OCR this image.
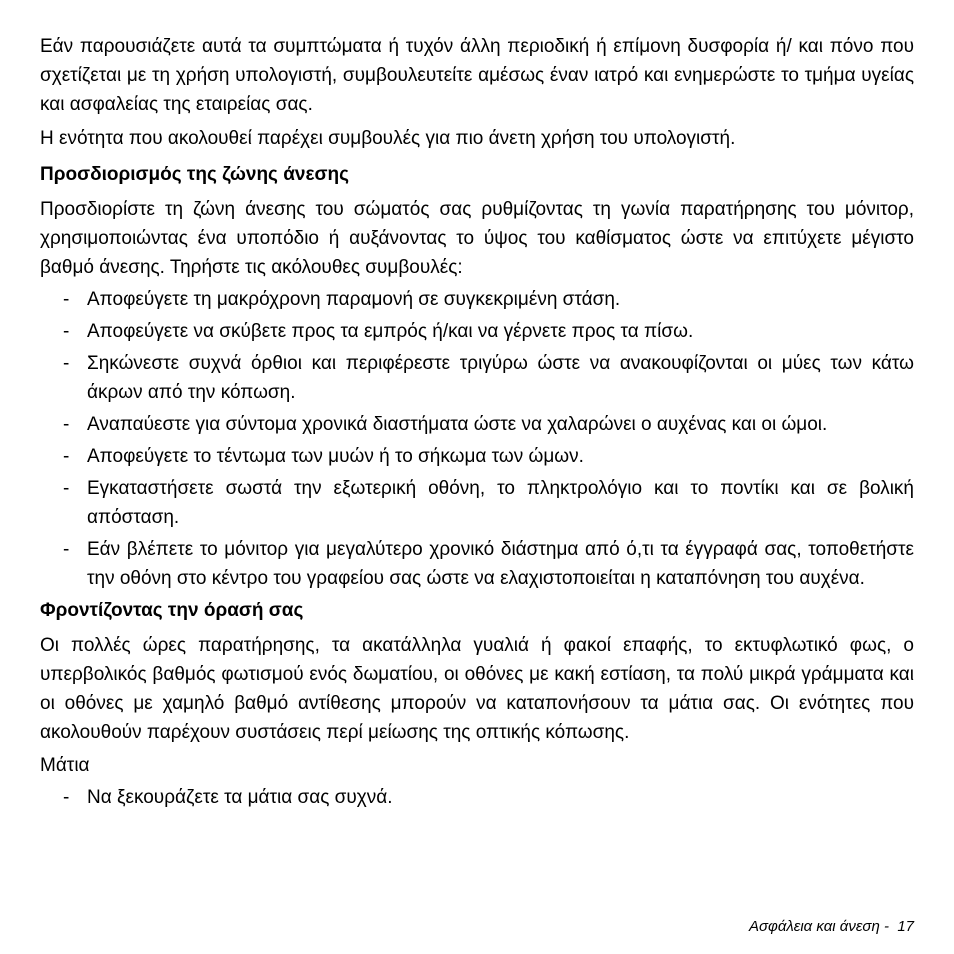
Εάν παρουσιάζετε αυτά τα συμπτώματα ή τυχόν άλλη περιοδική ή επίμονη δυσφορία ή/ και πόνο που σχετίζεται με τη χρήση υπολογιστή, συμβουλευτείτε αμέσως έναν ιατρό και ενημερώστε το τμήμα υγείας και ασφαλείας της εταιρείας σας.

Η ενότητα που ακολουθεί παρέχει συμβουλές για πιο άνετη χρήση του υπολογιστή.

Προσδιορισμός της ζώνης άνεσης

Προσδιορίστε τη ζώνη άνεσης του σώματός σας ρυθμίζοντας τη γωνία παρατήρησης του μόνιτορ, χρησιμοποιώντας ένα υποπόδιο ή αυξάνοντας το ύψος του καθίσματος ώστε να επιτύχετε μέγιστο βαθμό άνεσης. Τηρήστε τις ακόλουθες συμβουλές:

- Αποφεύγετε τη μακρόχρονη παραμονή σε συγκεκριμένη στάση.
- Αποφεύγετε να σκύβετε προς τα εμπρός ή/και να γέρνετε προς τα πίσω.
- Σηκώνεστε συχνά όρθιοι και περιφέρεστε τριγύρω ώστε να ανακουφίζονται οι μύες των κάτω άκρων από την κόπωση.
- Αναπαύεστε για σύντομα χρονικά διαστήματα ώστε να χαλαρώνει ο αυχένας και οι ώμοι.
- Αποφεύγετε το τέντωμα των μυών ή το σήκωμα των ώμων.
- Εγκαταστήσετε σωστά την εξωτερική οθόνη, το πληκτρολόγιο και το ποντίκι και σε βολική απόσταση.
- Εάν βλέπετε το μόνιτορ για μεγαλύτερο χρονικό διάστημα από ό,τι τα έγγραφά σας, τοποθετήστε την οθόνη στο κέντρο του γραφείου σας ώστε να ελαχιστοποιείται η καταπόνηση του αυχένα.
Φροντίζοντας την όρασή σας

Οι πολλές ώρες παρατήρησης, τα ακατάλληλα γυαλιά ή φακοί επαφής, το εκτυφλωτικό φως, ο υπερβολικός βαθμός φωτισμού ενός δωματίου, οι οθόνες με κακή εστίαση, τα πολύ μικρά γράμματα και οι οθόνες με χαμηλό βαθμό αντίθεσης μπορούν να καταπονήσουν τα μάτια σας. Οι ενότητες που ακολουθούν παρέχουν συστάσεις περί μείωσης της οπτικής κόπωσης.

Μάτια

- Να ξεκουράζετε τα μάτια σας συχνά.
Ασφάλεια και άνεση - 17
